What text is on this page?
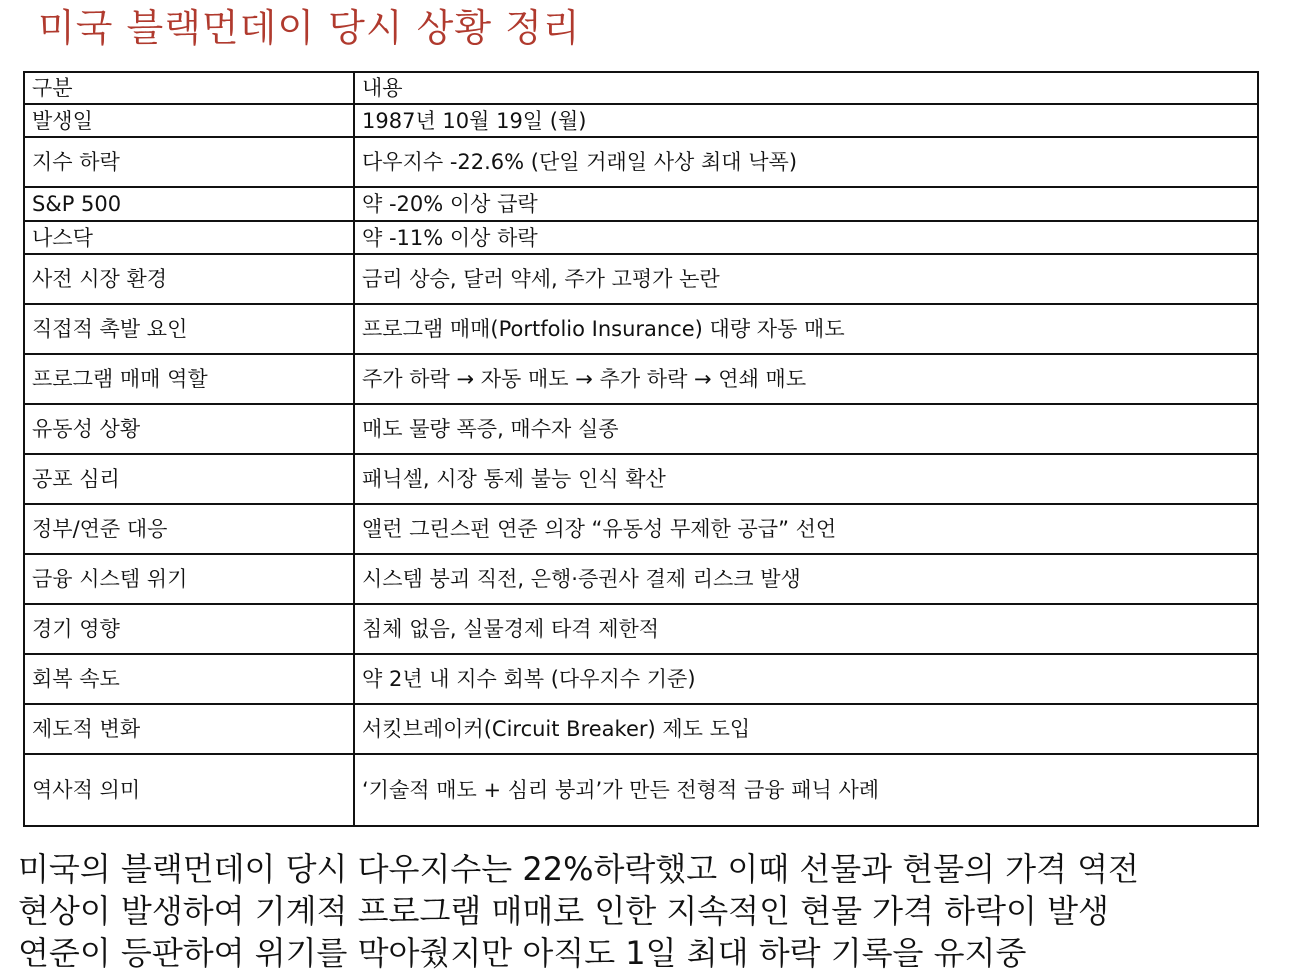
미국 블랙먼데이 당시 상황 정리
구분	내용
발생일	1987년 10월 19일 (월)
지수 하락	다우지수 -22.6% (단일 거래일 사상 최대 낙폭)
S&P 500	약 -20% 이상 급락
나스닥	약 -11% 이상 하락
사전 시장 환경	금리 상승, 달러 약세, 주가 고평가 논란
직접적 촉발 요인	프로그램 매매(Portfolio Insurance) 대량 자동 매도
프로그램 매매 역할	주가 하락 → 자동 매도 → 추가 하락 → 연쇄 매도
유동성 상황	매도 물량 폭증, 매수자 실종
공포 심리	패닉셀, 시장 통제 불능 인식 확산
정부/연준 대응	앨런 그린스펀 연준 의장 “유동성 무제한 공급” 선언
금융 시스템 위기	시스템 붕괴 직전, 은행·증권사 결제 리스크 발생
경기 영향	침체 없음, 실물경제 타격 제한적
회복 속도	약 2년 내 지수 회복 (다우지수 기준)
제도적 변화	서킷브레이커(Circuit Breaker) 제도 도입
역사적 의미	‘기술적 매도 + 심리 붕괴’가 만든 전형적 금융 패닉 사례
미국의 블랙먼데이 당시 다우지수는 22%하락했고 이때 선물과 현물의 가격 역전
현상이 발생하여 기계적 프로그램 매매로 인한 지속적인 현물 가격 하락이 발생
연준이 등판하여 위기를 막아줬지만 아직도 1일 최대 하락 기록을 유지중
